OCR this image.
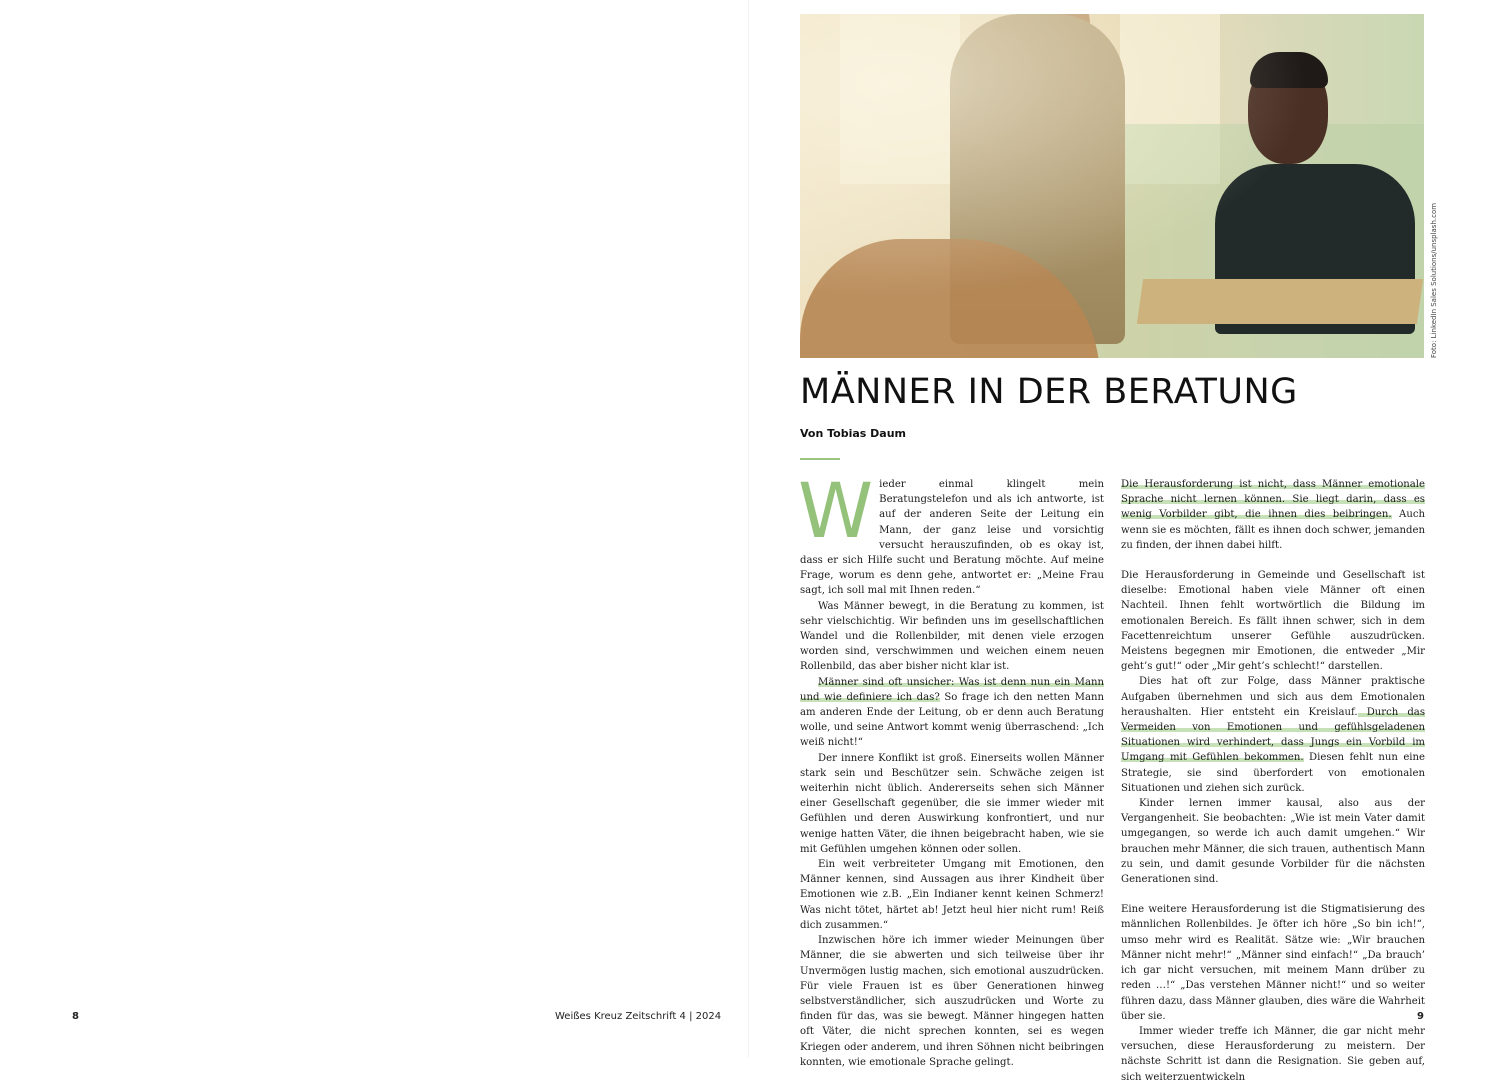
Foto: LinkedIn Sales Solutions/unsplash.com
MÄNNER IN DER BERATUNG
Von Tobias Daum

Wieder einmal klingelt mein Beratungstelefon und als ich antworte, ist auf der anderen Seite der Leitung ein Mann, der ganz leise und vorsichtig versucht herauszufinden, ob es okay ist, dass er sich Hilfe sucht und Beratung möchte. Auf meine Frage, worum es denn gehe, antwortet er: „Meine Frau sagt, ich soll mal mit Ihnen reden.“

Was Männer bewegt, in die Beratung zu kommen, ist sehr vielschichtig. Wir befinden uns im gesellschaftlichen Wandel und die Rollenbilder, mit denen viele erzogen worden sind, verschwimmen und weichen einem neuen Rollenbild, das aber bisher nicht klar ist.

Männer sind oft unsicher: Was ist denn nun ein Mann und wie definiere ich das? So frage ich den netten Mann am anderen Ende der Leitung, ob er denn auch Beratung wolle, und seine Antwort kommt wenig überraschend: „Ich weiß nicht!“

Der innere Konflikt ist groß. Einerseits wollen Männer stark sein und Beschützer sein. Schwäche zeigen ist weiterhin nicht üblich. Andererseits sehen sich Männer einer Gesellschaft gegenüber, die sie immer wieder mit Gefühlen und deren Auswirkung konfrontiert, und nur wenige hatten Väter, die ihnen beigebracht haben, wie sie mit Gefühlen umgehen können oder sollen.

Ein weit verbreiteter Umgang mit Emotionen, den Männer kennen, sind Aussagen aus ihrer Kindheit über Emotionen wie z.B. „Ein Indianer kennt keinen Schmerz! Was nicht tötet, härtet ab! Jetzt heul hier nicht rum! Reiß dich zusammen.“

Inzwischen höre ich immer wieder Meinungen über Männer, die sie abwerten und sich teilweise über ihr Unvermögen lustig machen, sich emotional auszudrücken. Für viele Frauen ist es über Generationen hinweg selbstverständlicher, sich auszudrücken und Worte zu finden für das, was sie bewegt. Männer hingegen hatten oft Väter, die nicht sprechen konnten, sei es wegen Kriegen oder anderem, und ihren Söhnen nicht beibringen konnten, wie emotionale Sprache gelingt.

Die Herausforderung ist nicht, dass Männer emotionale Sprache nicht lernen können. Sie liegt darin, dass es wenig Vorbilder gibt, die ihnen dies beibringen. Auch wenn sie es möchten, fällt es ihnen doch schwer, jemanden zu finden, der ihnen dabei hilft.

Die Herausforderung in Gemeinde und Gesellschaft ist dieselbe: Emotional haben viele Männer oft einen Nachteil. Ihnen fehlt wortwörtlich die Bildung im emotionalen Bereich. Es fällt ihnen schwer, sich in dem Facettenreichtum unserer Gefühle auszudrücken. Meistens begegnen mir Emotionen, die entweder „Mir geht’s gut!“ oder „Mir geht’s schlecht!“ darstellen.

Dies hat oft zur Folge, dass Männer praktische Aufgaben übernehmen und sich aus dem Emotionalen heraushalten. Hier entsteht ein Kreislauf. Durch das Vermeiden von Emotionen und gefühlsgeladenen Situationen wird verhindert, dass Jungs ein Vorbild im Umgang mit Gefühlen bekommen. Diesen fehlt nun eine Strategie, sie sind überfordert von emotionalen Situationen und ziehen sich zurück.

Kinder lernen immer kausal, also aus der Vergangenheit. Sie beobachten: „Wie ist mein Vater damit umgegangen, so werde ich auch damit umgehen.“ Wir brauchen mehr Männer, die sich trauen, authentisch Mann zu sein, und damit gesunde Vorbilder für die nächsten Generationen sind.

Eine weitere Herausforderung ist die Stigmatisierung des männlichen Rollenbildes. Je öfter ich höre „So bin ich!“, umso mehr wird es Realität. Sätze wie: „Wir brauchen Männer nicht mehr!“ „Männer sind einfach!“ „Da brauch’ ich gar nicht versuchen, mit meinem Mann drüber zu reden …!“ „Das verstehen Männer nicht!“ und so weiter führen dazu, dass Männer glauben, dies wäre die Wahrheit über sie.

Immer wieder treffe ich Männer, die gar nicht mehr versuchen, diese Herausforderung zu meistern. Der nächste Schritt ist dann die Resignation. Sie geben auf, sich weiterzuentwickeln

8	Weißes Kreuz Zeitschrift 4 | 2024	9
